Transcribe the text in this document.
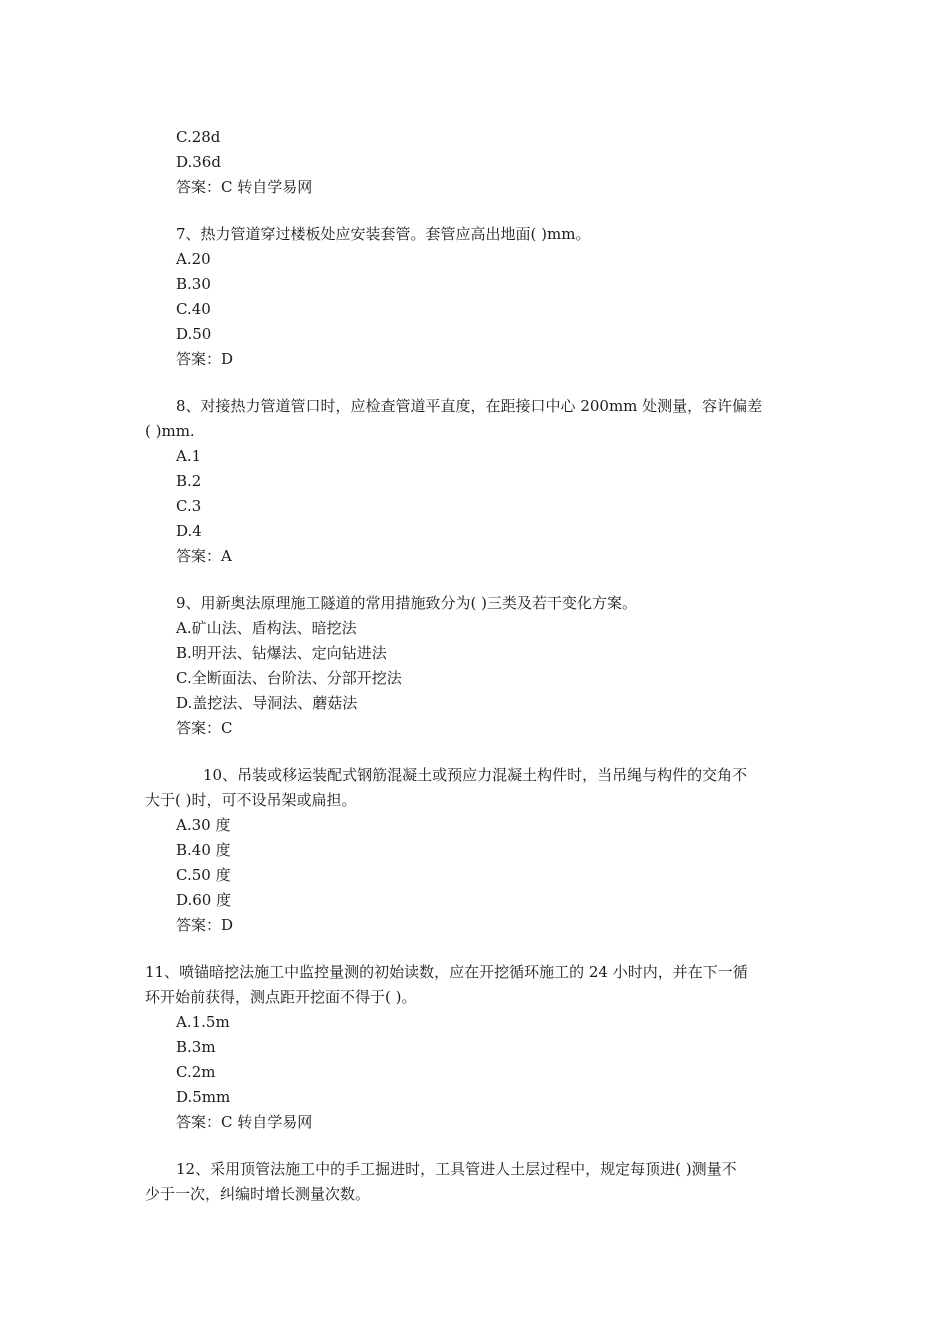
C.28d
D.36d
答案：C 转自学易网
7、热力管道穿过楼板处应安装套管。套管应高出地面( )mm。
A.20
B.30
C.40
D.50
答案：D
8、对接热力管道管口时，应检查管道平直度，在距接口中心 200mm 处测量，容许偏差
( )mm.
A.1
B.2
C.3
D.4
答案：A
9、用新奥法原理施工隧道的常用措施致分为( )三类及若干变化方案。
A.矿山法、盾构法、暗挖法
B.明开法、钻爆法、定向钻进法
C.全断面法、台阶法、分部开挖法
D.盖挖法、导洞法、蘑菇法
答案：C
10、吊装或移运装配式钢筋混凝土或预应力混凝土构件时，当吊绳与构件的交角不
大于( )时，可不设吊架或扁担。
A.30 度
B.40 度
C.50 度
D.60 度
答案：D
11、喷锚暗挖法施工中监控量测的初始读数，应在开挖循环施工的 24 小时内，并在下一循
环开始前获得，测点距开挖面不得于( )。
A.1.5m
B.3m
C.2m
D.5mm
答案：C 转自学易网
12、采用顶管法施工中的手工掘进时，工具管进人土层过程中，规定每顶进( )测量不
少于一次，纠编时增长测量次数。
